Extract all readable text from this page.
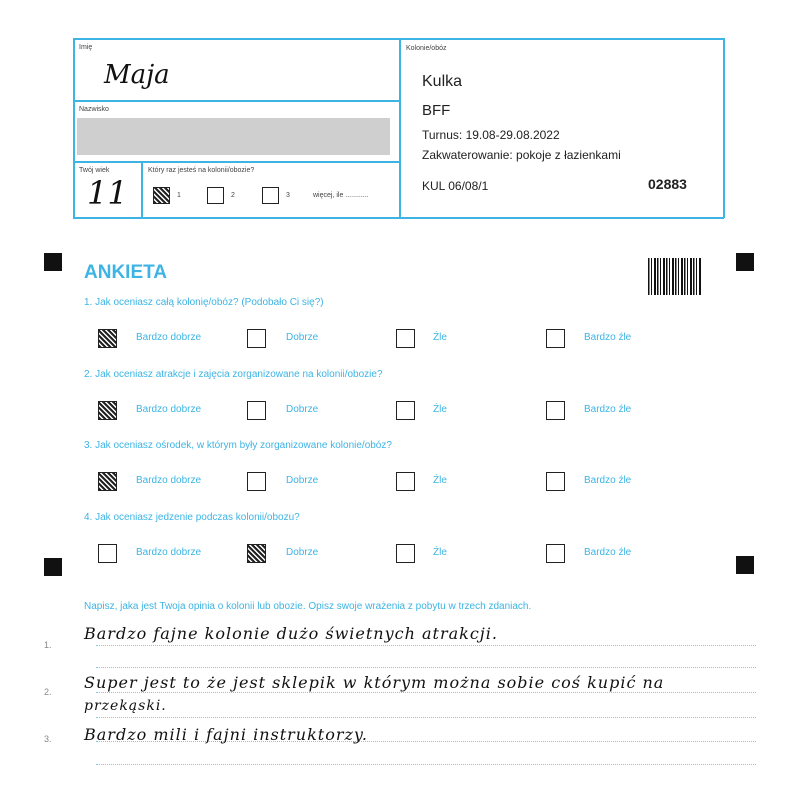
Imię
Maja
Nazwisko
Twój wiek
11
Który raz jesteś na kolonii/obozie?
1	2	3	więcej, ile ............
Kolonie/obóz
Kulka
BFF
Turnus: 19.08-29.08.2022
Zakwaterowanie: pokoje z łazienkami
KUL 06/08/1	02883
ANKIETA
1. Jak oceniasz całą kolonię/obóz? (Podobało Ci się?)
Bardzo dobrze	Dobrze	Źle	Bardzo źle
2. Jak oceniasz atrakcje i zajęcia zorganizowane na kolonii/obozie?
Bardzo dobrze	Dobrze	Źle	Bardzo źle
3. Jak oceniasz ośrodek, w którym były zorganizowane kolonie/obóz?
Bardzo dobrze	Dobrze	Źle	Bardzo źle
4. Jak oceniasz jedzenie podczas kolonii/obozu?
Bardzo dobrze	Dobrze	Źle	Bardzo źle
Napisz, jaka jest Twoja opinia o kolonii lub obozie. Opisz swoje wrażenia z pobytu w trzech zdaniach.
1.
2.
3.
Bardzo fajne kolonie dużo świetnych atrakcji.
Super jest to że jest sklepik w którym można sobie coś kupić na
przekąski.
Bardzo mili i fajni instruktorzy.
